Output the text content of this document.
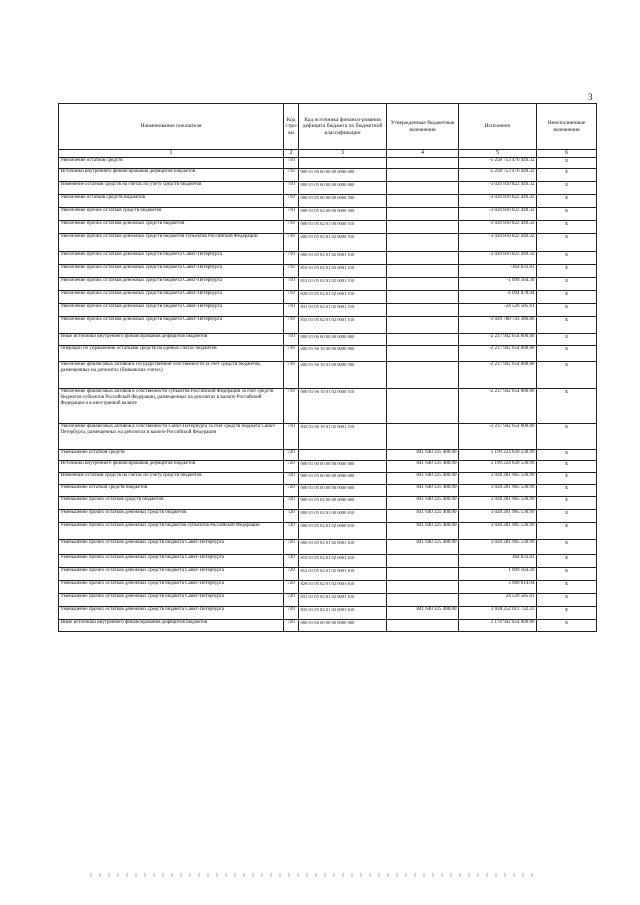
3
Наименование показателя	Код стро-ки	Код источника финанси-рования дефицита бюджета по бюджетной классификации	Утвержденные бюджетные назначения	Исполнено	Неисполненные назначения
1	2	3	4	5	6
Увеличение остатков средств	710			-5 258 753 476 449.32	x
Источники внутреннего финансирования дефицитов бюджетов	710	000 01 00 00 00 00 0000 000		-5 258 753 476 449.32	x
Изменение остатков средств на счетах по учету средств бюджетов	710	000 01 05 00 00 00 0000 000		-3 020 810 822 449.32	x
Увеличение остатков средств бюджетов	710	000 01 05 00 00 00 0000 500		-3 020 810 822 449.32	x
Увеличение прочих остатков средств бюджетов	710	000 01 05 02 00 00 0000 500		-3 020 810 822 449.32	x
Увеличение прочих остатков денежных средств бюджетов	710	000 01 05 02 01 00 0000 510		-3 020 810 822 449.32	x
Увеличение прочих остатков денежных средств бюджетов субъектов Российской Федерации	710	000 01 05 02 01 02 0000 510		-3 020 810 822 449.32	x
Увеличение прочих остатков денежных средств бюджета Санкт-Петербурга	710	000 01 05 02 01 02 0001 510		-3 020 810 822 449.32	x
Увеличение прочих остатков денежных средств бюджета Санкт-Петербурга	710	810 01 05 02 01 02 0001 510		-364 033.81	x
Увеличение прочих остатков денежных средств бюджета Санкт-Петербурга	710	812 01 05 02 01 02 0001 510		-1 099 564.30	x
Увеличение прочих остатков денежных средств бюджета Санкт-Петербурга	710	828 01 05 02 01 02 0001 510		-4 094 878.94	x
Увеличение прочих остатков денежных средств бюджета Санкт-Петербурга	710	831 01 05 02 01 02 0001 510		-24 520 585.61	x
Увеличение прочих остатков денежных средств бюджета Санкт-Петербурга	710	833 01 05 02 01 02 0001 510		-3 020 780 743 386.86	x
Иные источники внутреннего финансирования дефицитов бюджетов	710	000 01 06 00 00 00 0000 000		-2 237 942 654 000.00	x
Операции по управлению остатками средств на единых счетах бюджетов	710	000 01 06 10 00 00 0000 000		-2 237 942 654 000.00	x
Увеличение финансовых активов в государственной собственности за счет средств бюджетов, размещенных на депозитах (банковских счетах)	710	000 01 06 10 01 00 0000 500		-2 237 942 654 000.00	x
Увеличение финансовых активов в собственности субъектов Российской Федерации за счет средств бюджетов субъектов Российской Федерации, размещенных на депозитах в валюте Российской Федерации и в иностранной валюте	710	000 01 06 10 01 02 0000 510		-2 237 942 654 000.00	x
Увеличение финансовых активов в собственности Санкт-Петербурга за счет средств бюджета Санкт-Петербурга, размещенных на депозитах в валюте Российской Федерации	710	833 01 06 10 01 02 0001 510		-2 237 942 654 000.00	x
Уменьшение остатков средств	720		841 640 325 400.00	5 199 224 639 530.99	x
Источники внутреннего финансирования дефицитов бюджетов	720	000 01 00 00 00 00 0000 000	841 640 325 400.00	5 199 224 639 530.99	x
Изменение остатков средств на счетах по учету средств бюджетов	720	000 01 05 00 00 00 0000 000	841 640 325 400.00	3 028 281 985 530.99	x
Уменьшение остатков средств бюджетов	720	000 01 05 00 00 00 0000 600	841 640 325 400.00	3 028 281 985 530.99	x
Уменьшение прочих остатков средств бюджетов	720	000 01 05 02 00 00 0000 600	841 640 325 400.00	3 028 281 985 530.99	x
Уменьшение прочих остатков денежных средств бюджетов	720	000 01 05 02 01 00 0000 610	841 640 325 400.00	3 028 281 985 530.99	x
Уменьшение прочих остатков денежных средств бюджетов субъектов Российской Федерации	720	000 01 05 02 01 02 0000 610	841 640 325 400.00	3 028 281 985 530.99	x
Уменьшение прочих остатков денежных средств бюджета Санкт-Петербурга	720	000 01 05 02 01 02 0001 610	841 640 325 400.00	3 028 281 985 530.99	x
Уменьшение прочих остатков денежных средств бюджета Санкт-Петербурга	720	810 01 05 02 01 02 0001 610		364 033.81	x
Уменьшение прочих остатков денежных средств бюджета Санкт-Петербурга	720	812 01 05 02 01 02 0001 610		1 099 564.30	x
Уменьшение прочих остатков денежных средств бюджета Санкт-Петербурга	720	828 01 05 02 01 02 0001 610		3 989 614.94	x
Уменьшение прочих остатков денежных средств бюджета Санкт-Петербурга	720	831 01 05 02 01 02 0001 610		24 520 585.61	x
Уменьшение прочих остатков денежных средств бюджета Санкт-Петербурга	720	833 01 05 02 01 02 0001 610	841 640 325 400.00	3 028 252 011 732.33	x
Иные источники внутреннего финансирования дефицитов бюджетов	720	000 01 06 00 00 00 0000 000		2 170 942 654 000.00	x
